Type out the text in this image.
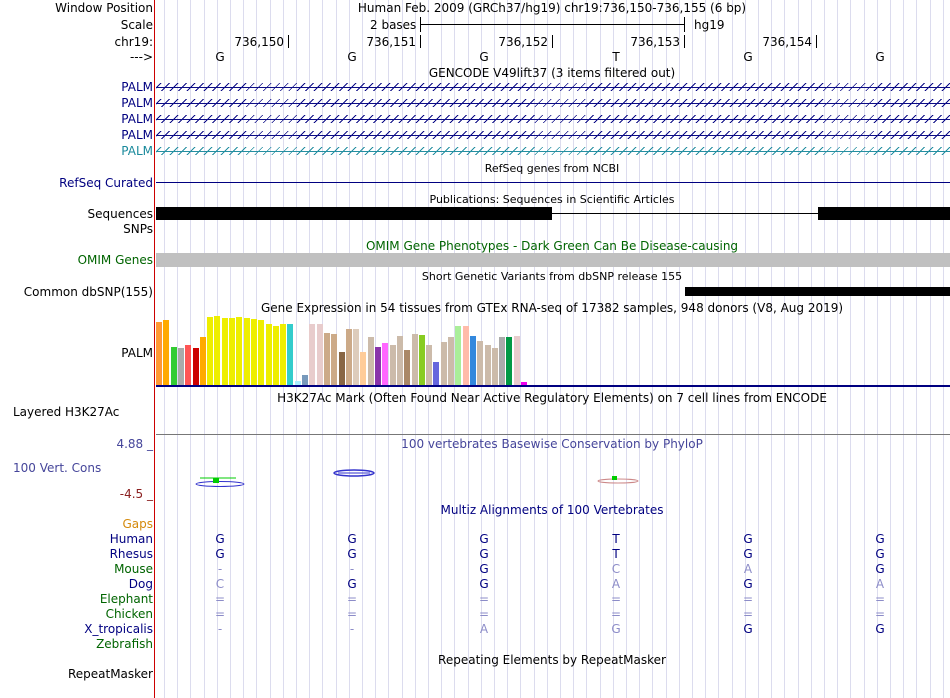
Window Position	Human Feb. 2009 (GRCh37/hg19) chr19:736,150-736,155 (6 bp)
Scale	2 bases	hg19
chr19:	736,150	736,151	736,152	736,153	736,154
--->	G	G	G	T	G	G
GENCODE V49lift37 (3 items filtered out)
PALM
PALM
PALM
PALM
PALM
RefSeq genes from NCBI
RefSeq Curated
Publications: Sequences in Scientific Articles
Sequences
SNPs
OMIM Gene Phenotypes - Dark Green Can Be Disease-causing
OMIM Genes
Short Genetic Variants from dbSNP release 155
Common dbSNP(155)
Gene Expression in 54 tissues from GTEx RNA-seq of 17382 samples, 948 donors (V8, Aug 2019)
PALM
H3K27Ac Mark (Often Found Near Active Regulatory Elements) on 7 cell lines from ENCODE
Layered H3K27Ac
100 vertebrates Basewise Conservation by PhyloP
4.88 _
100 Vert. Cons
-4.5 _
Multiz Alignments of 100 Vertebrates
Gaps
Human	G	G	G	T	G	G
Rhesus	G	G	G	T	G	G
Mouse	-	-	G	C	A	G
Dog	C	G	G	A	G	A
Elephant	=	=	=	=	=	=
Chicken	=	=	=	=	=	=
X_tropicalis	-	-	A	G	G	G
Zebrafish
Repeating Elements by RepeatMasker
RepeatMasker
